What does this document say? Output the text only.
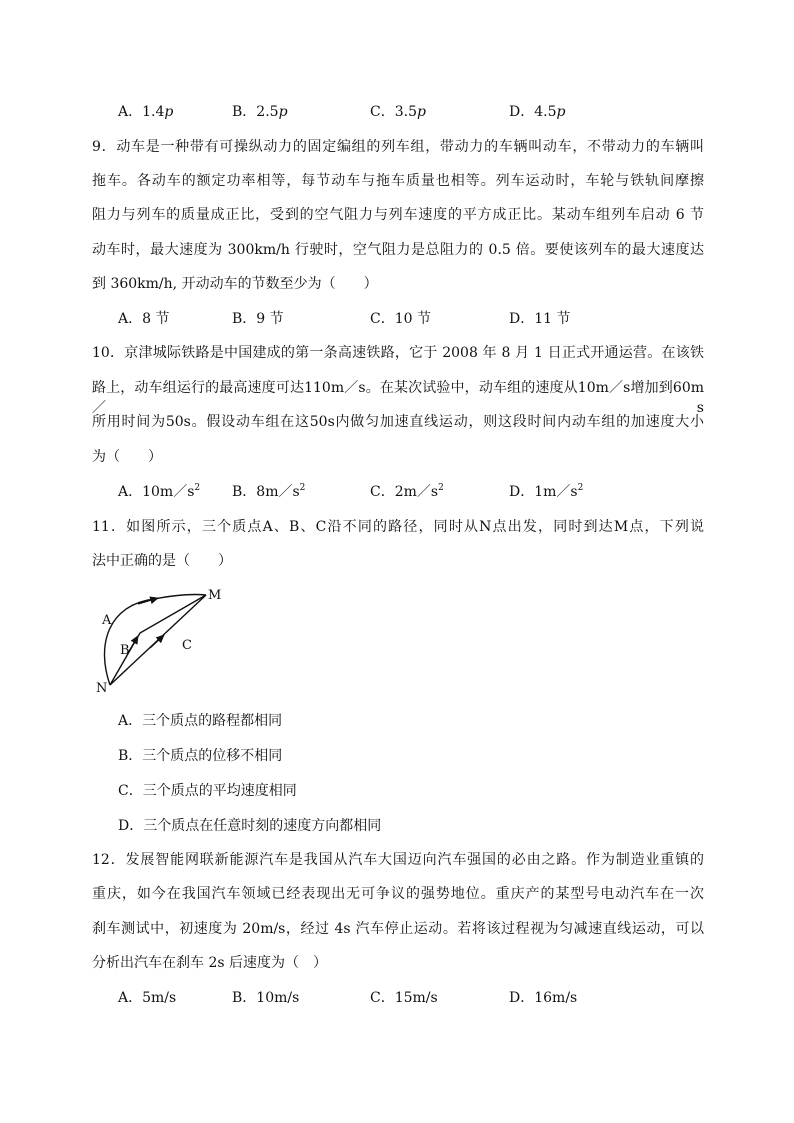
A．1.4p	B．2.5p	C．3.5p	D．4.5p
9．动车是一种带有可操纵动力的固定编组的列车组，带动力的车辆叫动车，不带动力的车辆叫
拖车。各动车的额定功率相等，每节动车与拖车质量也相等。列车运动时，车轮与铁轨间摩擦
阻力与列车的质量成正比，受到的空气阻力与列车速度的平方成正比。某动车组列车启动 6 节
动车时，最大速度为 300km/h 行驶时，空气阻力是总阻力的 0.5 倍。要使该列车的最大速度达
到 360km/h, 开动动车的节数至少为（　　）
A．8 节	B．9 节	C．10 节	D．11 节
10．京津城际铁路是中国建成的第一条高速铁路，它于 2008 年 8 月 1 日正式开通运营。在该铁
路上，动车组运行的最高速度可达110m／s。在某次试验中，动车组的速度从10m／s增加到60m／s
所用时间为50s。假设动车组在这50s内做匀加速直线运动，则这段时间内动车组的加速度大小
为（　　）
A．$10m/s^2$ B．$8m/s^2$	C．$2m/s^2$	D．$1m/s^2$
11．如图所示，三个质点A、B、C沿不同的路径，同时从N点出发，同时到达M点，下列说
法中正确的是（　　）
M
N
A
B	C
A．三个质点的路程都相同
B．三个质点的位移不相同
C．三个质点的平均速度相同
D．三个质点在任意时刻的速度方向都相同
12．发展智能网联新能源汽车是我国从汽车大国迈向汽车强国的必由之路。作为制造业重镇的
重庆，如今在我国汽车领域已经表现出无可争议的强势地位。重庆产的某型号电动汽车在一次
刹车测试中，初速度为 20m/s，经过 4s 汽车停止运动。若将该过程视为匀减速直线运动，可以
分析出汽车在刹车 2s 后速度为（　）
A．5m/s	B．10m/s	C．15m/s	D．16m/s
